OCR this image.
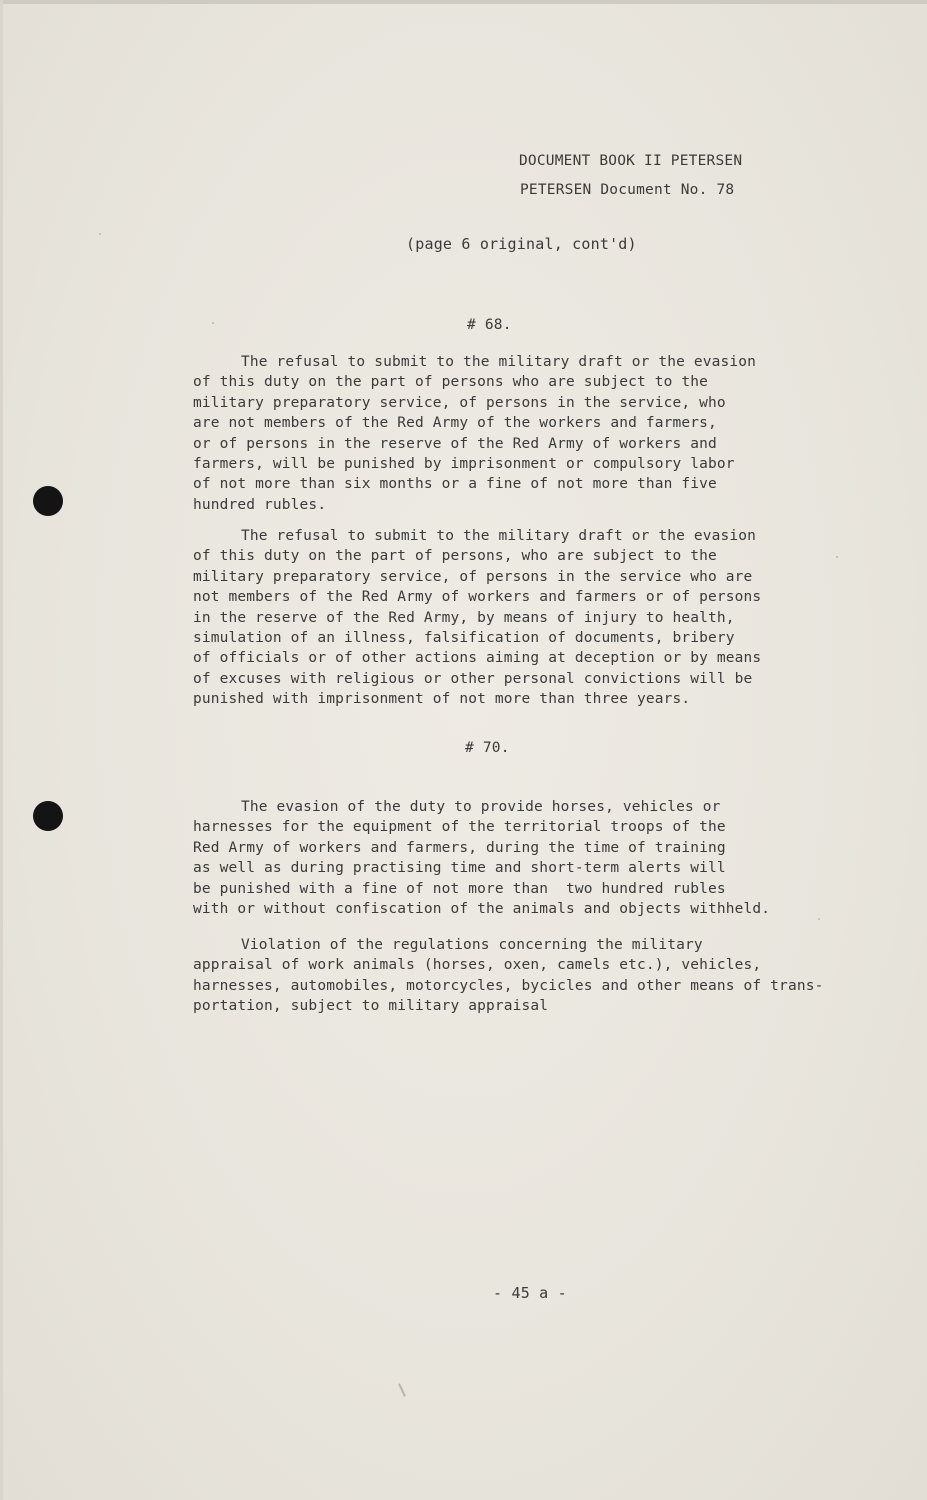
DOCUMENT BOOK II PETERSEN
PETERSEN Document No. 78
(page 6 original, cont'd)
# 68.
The refusal to submit to the military draft or the evasion
of this duty on the part of persons who are subject to the
military preparatory service, of persons in the service, who
are not members of the Red Army of the workers and farmers,
or of persons in the reserve of the Red Army of workers and
farmers, will be punished by imprisonment or compulsory labor
of not more than six months or a fine of not more than five
hundred rubles.
The refusal to submit to the military draft or the evasion
of this duty on the part of persons, who are subject to the
military preparatory service, of persons in the service who are
not members of the Red Army of workers and farmers or of persons
in the reserve of the Red Army, by means of injury to health,
simulation of an illness, falsification of documents, bribery
of officials or of other actions aiming at deception or by means
of excuses with religious or other personal convictions will be
punished with imprisonment of not more than three years.
# 70.
The evasion of the duty to provide horses, vehicles or
harnesses for the equipment of the territorial troops of the
Red Army of workers and farmers, during the time of training
as well as during practising time and short-term alerts will
be punished with a fine of not more than  two hundred rubles
with or without confiscation of the animals and objects withheld.
Violation of the regulations concerning the military
appraisal of work animals (horses, oxen, camels etc.), vehicles,
harnesses, automobiles, motorcycles, bycicles and other means of trans-
portation, subject to military appraisal
- 45 a -
